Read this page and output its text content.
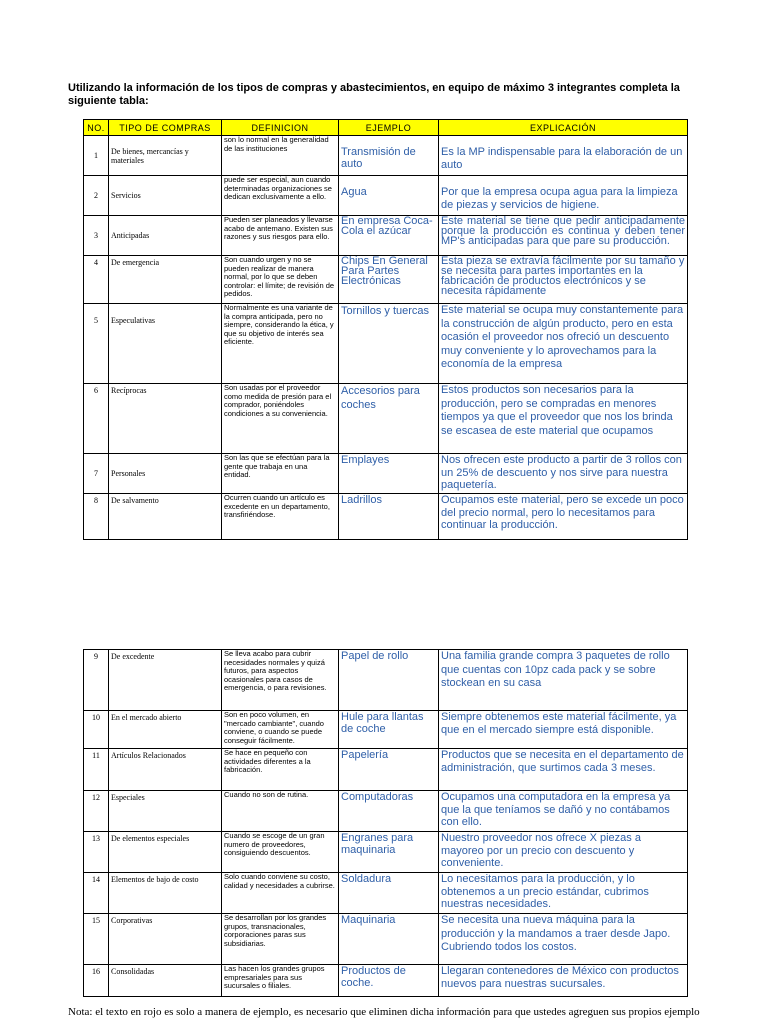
Utilizando la información de los tipos de compras y abastecimientos, en equipo de máximo 3 integrantes completa la siguiente tabla:
NO.	TIPO DE COMPRAS	DEFINICION	EJEMPLO	EXPLICACIÓN
1	De bienes, mercancías y materiales	son lo normal en la generalidad de las instituciones	Transmisión de auto	Es la MP indispensable para la elaboración de un auto
2	Servicios	puede ser especial, aun cuando determinadas organizaciones se dedican exclusivamente a ello.	Agua	Por que la empresa ocupa agua para la limpieza de piezas y servicios de higiene.
3	Anticipadas	Pueden ser planeados y llevarse acabo de antemano. Existen sus razones y sus riesgos para ello.	En empresa Coca-Cola el azúcar	Este material se tiene que pedir anticipadamente porque la producción es continua y deben tener MP's anticipadas para que pare su producción.
4	De emergencia	Son cuando urgen y no se pueden realizar de manera normal, por lo que se deben controlar: el límite; de revisión de pedidos.	Chips En General Para Partes Electrónicas	Esta pieza se extravía fácilmente por su tamaño y se necesita para partes importantes en la fabricación de productos electrónicos y se necesita rápidamente
5	Especulativas	Normalmente es una variante de la compra anticipada, pero no siempre, considerando la ética, y que su objetivo de interés sea eficiente.	Tornillos y tuercas	Este material se ocupa muy constantemente para la construcción de algún producto, pero en esta ocasión el proveedor nos ofreció un descuento muy conveniente y lo aprovechamos para la economía de la empresa
6	Recíprocas	Son usadas por el proveedor como medida de presión para el comprador, poniéndoles condiciones a su conveniencia.	Accesorios para coches	Estos productos son necesarios para la producción, pero se compradas en menores tiempos ya que el proveedor que nos los brinda se escasea de este material que ocupamos
7	Personales	Son las que se efectúan para la gente que trabaja en una entidad.	Emplayes	Nos ofrecen este producto a partir de 3 rollos con un 25% de descuento y nos sirve para nuestra paquetería.
8	De salvamento	Ocurren cuando un artículo es excedente en un departamento, transfiriéndose.	Ladrillos	Ocupamos este material, pero se excede un poco del precio normal, pero lo necesitamos para continuar la producción.
9	De excedente	Se lleva acabo para cubrir necesidades normales y quizá futuros, para aspectos ocasionales para casos de emergencia, o para revisiones.	Papel de rollo	Una familia grande compra 3 paquetes de rollo que cuentas con 10pz cada pack y se sobre stockean en su casa
10	En el mercado abierto	Son en poco volumen, en "mercado cambiante", cuando conviene, o cuando se puede conseguir fácilmente.	Hule para llantas de coche	Siempre obtenemos este material fácilmente, ya que en el mercado siempre está disponible.
11	Artículos Relacionados	Se hace en pequeño con actividades diferentes a la fabricación.	Papelería	Productos que se necesita en el departamento de administración, que surtimos cada 3 meses.
12	Especiales	Cuando no son de rutina.	Computadoras	Ocupamos una computadora en la empresa ya que la que teníamos se dañó y no contábamos con ello.
13	De elementos especiales	Cuando se escoge de un gran numero de proveedores, consiguiendo descuentos.	Engranes para maquinaria	Nuestro proveedor nos ofrece X piezas a mayoreo por un precio con descuento y conveniente.
14	Elementos de bajo de costo	Solo cuando conviene su costo, calidad y necesidades a cubrirse.	Soldadura	Lo necesitamos para la producción, y lo obtenemos a un precio estándar, cubrimos nuestras necesidades.
15	Corporativas	Se desarrollan por los grandes grupos, transnacionales, corporaciones paras sus subsidiarias.	Maquinaria	Se necesita una nueva máquina para la producción y la mandamos a traer desde Japo. Cubriendo todos los costos.
16	Consolidadas	Las hacen los grandes grupos empresariales para sus sucursales o filiales.	Productos de coche.	Llegaran contenedores de México con productos nuevos para nuestras sucursales.
Nota: el texto en rojo es solo a manera de ejemplo, es necesario que eliminen dicha información para que ustedes agreguen sus propios ejemplo
